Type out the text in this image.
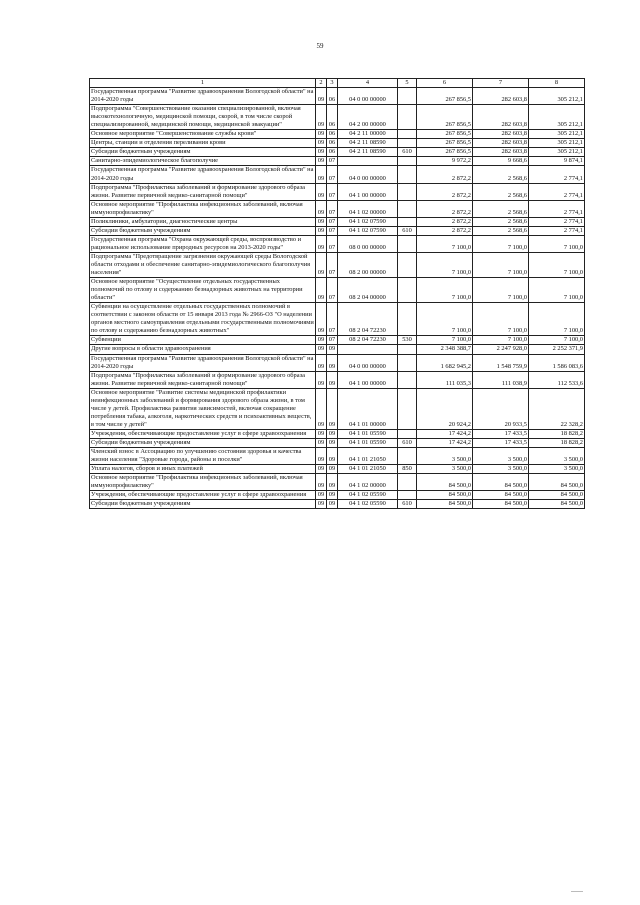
59
1	2	3	4	5	6	7	8
Государственная программа "Развитие здравоохранения Вологодской области" на 2014-2020 годы	09	06	04 0 00 00000		267 856,5	282 603,8	305 212,1
Подпрограмма "Совершенствование оказания специализированной, включая высокотехнологичную, медицинской помощи, скорой, в том числе скорой специализированной, медицинской помощи, медицинской эвакуации"	09	06	04 2 00 00000		267 856,5	282 603,8	305 212,1
Основное мероприятие "Совершенствование службы крови"	09	06	04 2 11 00000		267 856,5	282 603,8	305 212,1
Центры, станции и отделения переливания крови	09	06	04 2 11 08590		267 856,5	282 603,8	305 212,1
Субсидии бюджетным учреждениям	09	06	04 2 11 08590	610	267 856,5	282 603,8	305 212,1
Санитарно-эпидемиологическое благополучие	09	07			9 972,2	9 668,6	9 874,1
Государственная программа "Развитие здравоохранения Вологодской области" на 2014-2020 годы	09	07	04 0 00 00000		2 872,2	2 568,6	2 774,1
Подпрограмма "Профилактика заболеваний и формирование здорового образа жизни. Развитие первичной медико-санитарной помощи"	09	07	04 1 00 00000		2 872,2	2 568,6	2 774,1
Основное мероприятие "Профилактика инфекционных заболеваний, включая иммунопрофилактику"	09	07	04 1 02 00000		2 872,2	2 568,6	2 774,1
Поликлиники, амбулатории, диагностические центры	09	07	04 1 02 07590		2 872,2	2 568,6	2 774,1
Субсидии бюджетным учреждениям	09	07	04 1 02 07590	610	2 872,2	2 568,6	2 774,1
Государственная программа "Охрана окружающей среды, воспроизводство и рациональное использование природных ресурсов на 2013-2020 годы"	09	07	08 0 00 00000		7 100,0	7 100,0	7 100,0
Подпрограмма "Предотвращение загрязнения окружающей среды Вологодской области отходами и обеспечение санитарно-эпидемиологического благополучия населения"	09	07	08 2 00 00000		7 100,0	7 100,0	7 100,0
Основное мероприятие "Осуществление отдельных государственных полномочий по отлову и содержанию безнадзорных животных на территории области"	09	07	08 2 04 00000		7 100,0	7 100,0	7 100,0
Субвенции на осуществление отдельных государственных полномочий в соответствии с законом области от 15 января 2013 года № 2966-ОЗ "О наделении органов местного самоуправления отдельными государственными полномочиями по отлову и содержанию безнадзорных животных"	09	07	08 2 04 72230		7 100,0	7 100,0	7 100,0
Субвенции	09	07	08 2 04 72230	530	7 100,0	7 100,0	7 100,0
Другие вопросы в области здравоохранения	09	09			2 348 388,7	2 247 928,0	2 252 371,9
Государственная программа "Развитие здравоохранения Вологодской области" на 2014-2020 годы	09	09	04 0 00 00000		1 682 945,2	1 548 759,9	1 586 083,6
Подпрограмма "Профилактика заболеваний и формирование здорового образа жизни. Развитие первичной медико-санитарной помощи"	09	09	04 1 00 00000		111 035,3	111 038,9	112 533,6
Основное мероприятие "Развитие системы медицинской профилактики неинфекционных заболеваний и формирования здорового образа жизни, в том числе у детей. Профилактика развития зависимостей, включая сокращение потребления табака, алкоголя, наркотических средств и психоактивных веществ, в том числе у детей"	09	09	04 1 01 00000		20 924,2	20 933,5	22 328,2
Учреждения, обеспечивающие предоставление услуг в сфере здравоохранения	09	09	04 1 01 05590		17 424,2	17 433,5	18 828,2
Субсидии бюджетным учреждениям	09	09	04 1 01 05590	610	17 424,2	17 433,5	18 828,2
Членский взнос в Ассоциацию по улучшению состояния здоровья и качества жизни населения "Здоровые города, районы и поселки"	09	09	04 1 01 21050		3 500,0	3 500,0	3 500,0
Уплата налогов, сборов и иных платежей	09	09	04 1 01 21050	850	3 500,0	3 500,0	3 500,0
Основное мероприятие "Профилактика инфекционных заболеваний, включая иммунопрофилактику"	09	09	04 1 02 00000		84 500,0	84 500,0	84 500,0
Учреждения, обеспечивающие предоставление услуг в сфере здравоохранения	09	09	04 1 02 05590		84 500,0	84 500,0	84 500,0
Субсидии бюджетным учреждениям	09	09	04 1 02 05590	610	84 500,0	84 500,0	84 500,0
